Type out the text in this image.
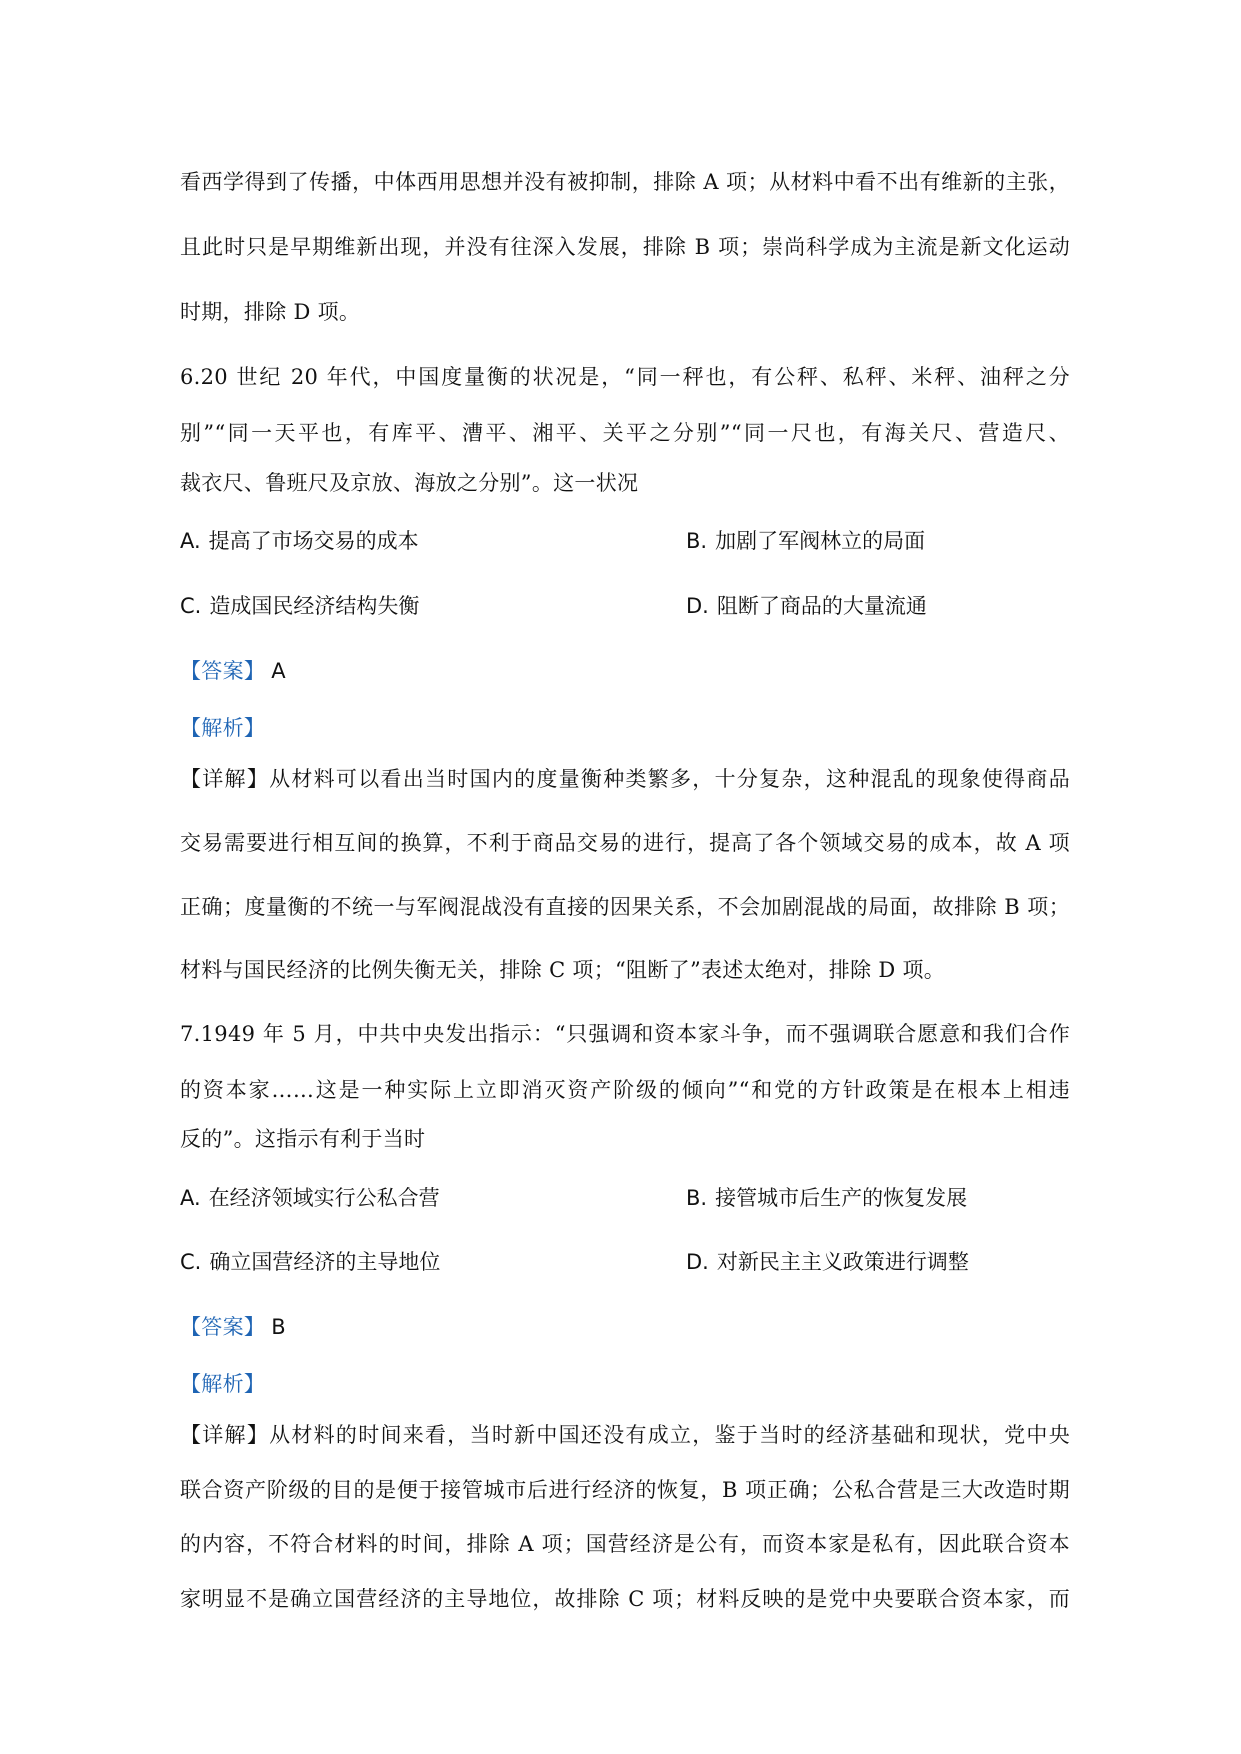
看西学得到了传播，中体西用思想并没有被抑制，排除 A 项；从材料中看不出有维新的主张，
且此时只是早期维新出现，并没有往深入发展，排除 B 项；崇尚科学成为主流是新文化运动
时期，排除 D 项。
6.20 世纪 20 年代，中国度量衡的状况是，“同一秤也，有公秤、私秤、米秤、油秤之分
别”“同一天平也，有库平、漕平、湘平、关平之分别”“同一尺也，有海关尺、营造尺、
裁衣尺、鲁班尺及京放、海放之分别”。这一状况
A. 提高了市场交易的成本	B. 加剧了军阀林立的局面
C. 造成国民经济结构失衡	D. 阻断了商品的大量流通
【答案】 A
【解析】
【详解】从材料可以看出当时国内的度量衡种类繁多，十分复杂，这种混乱的现象使得商品
交易需要进行相互间的换算，不利于商品交易的进行，提高了各个领域交易的成本，故 A 项
正确；度量衡的不统一与军阀混战没有直接的因果关系，不会加剧混战的局面，故排除 B 项；
材料与国民经济的比例失衡无关，排除 C 项；“阻断了”表述太绝对，排除 D 项。
7.1949 年 5 月，中共中央发出指示：“只强调和资本家斗争，而不强调联合愿意和我们合作
的资本家……这是一种实际上立即消灭资产阶级的倾向”“和党的方针政策是在根本上相违
反的”。这指示有利于当时
A. 在经济领域实行公私合营	B. 接管城市后生产的恢复发展
C. 确立国营经济的主导地位	D. 对新民主主义政策进行调整
【答案】 B
【解析】
【详解】从材料的时间来看，当时新中国还没有成立，鉴于当时的经济基础和现状，党中央
联合资产阶级的目的是便于接管城市后进行经济的恢复，B 项正确；公私合营是三大改造时期
的内容，不符合材料的时间，排除 A 项；国营经济是公有，而资本家是私有，因此联合资本
家明显不是确立国营经济的主导地位，故排除 C 项；材料反映的是党中央要联合资本家，而
